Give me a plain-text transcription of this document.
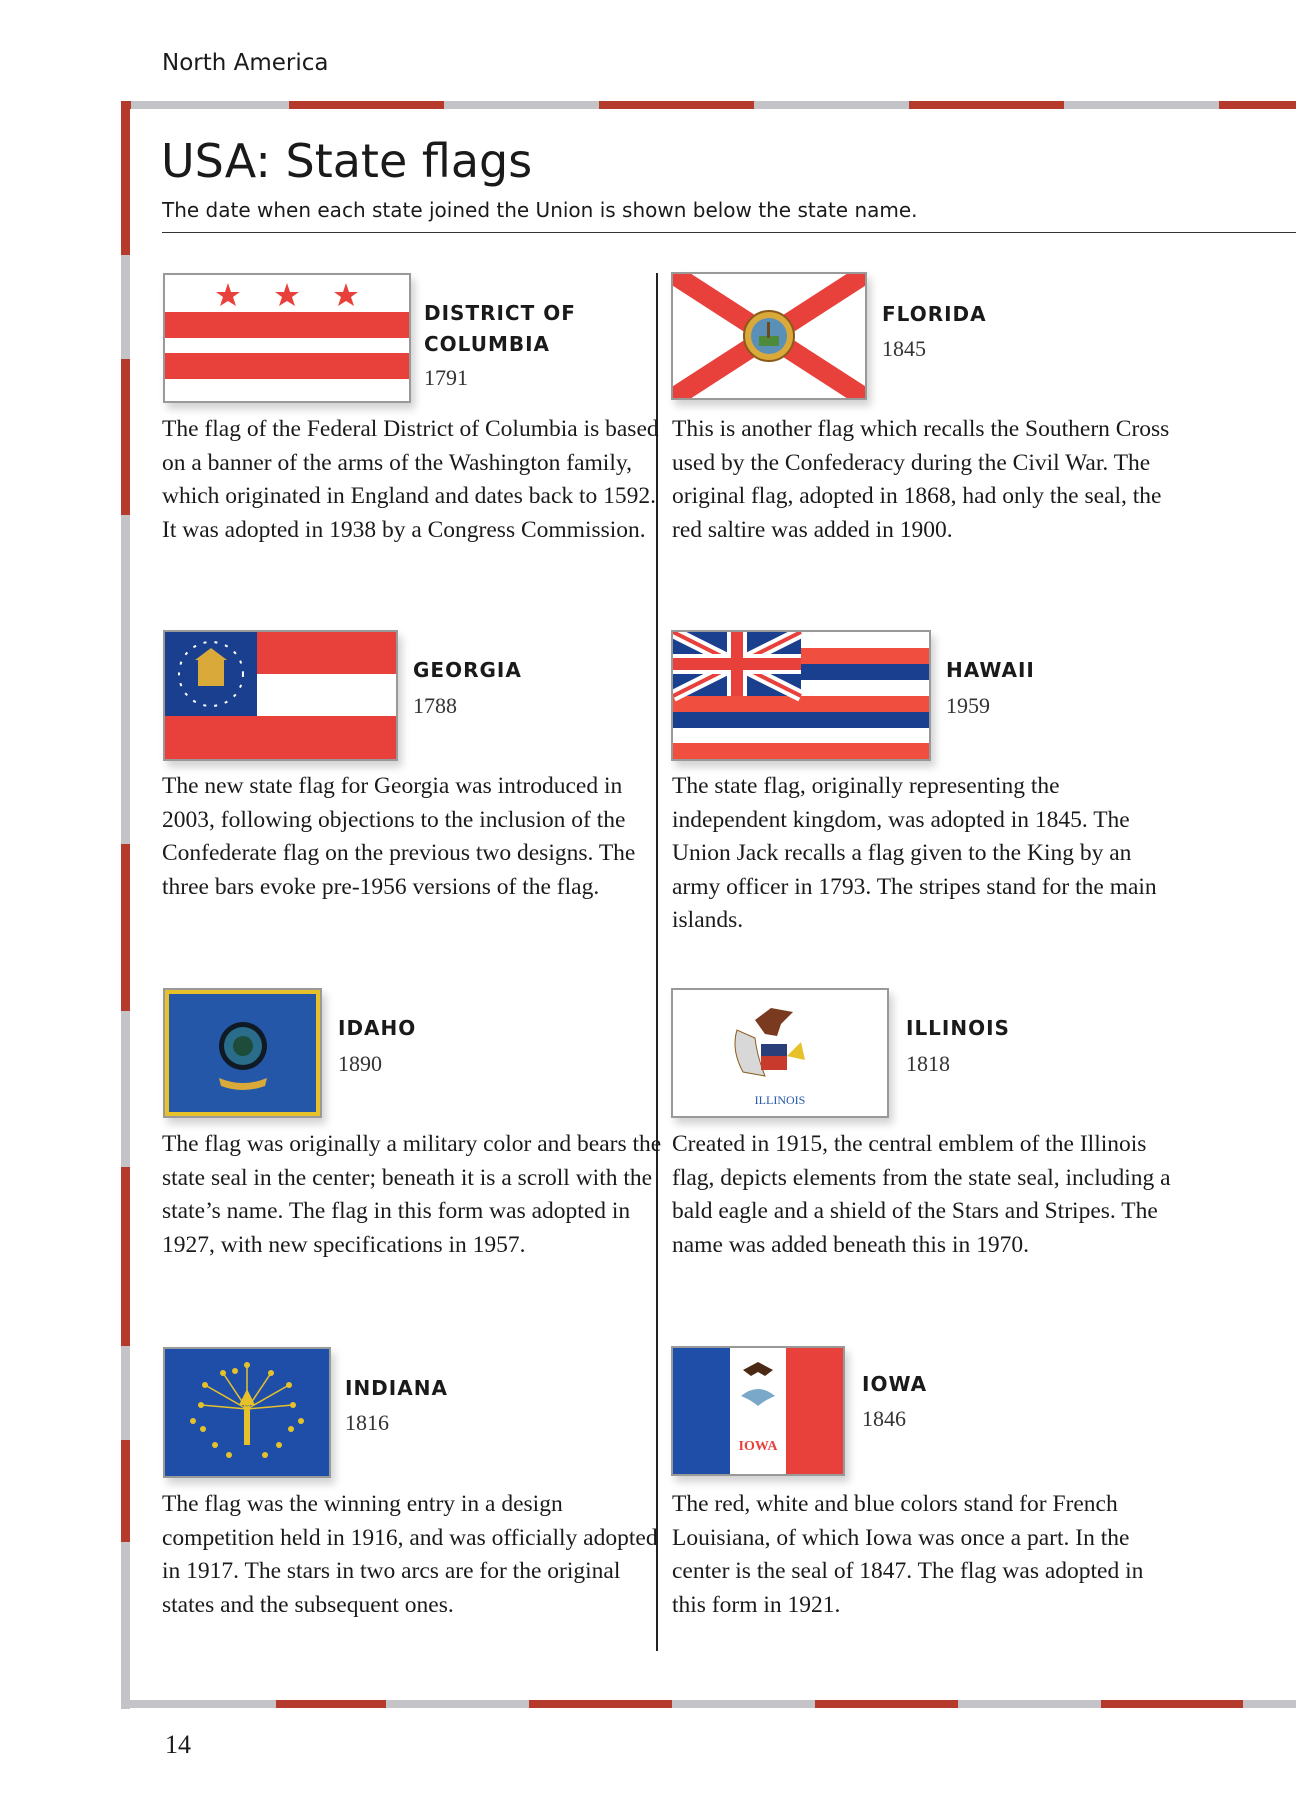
North America
USA: State flags
The date when each state joined the Union is shown below the state name.
DISTRICT OF COLUMBIA
1791
The flag of the Federal District of Columbia is based on a banner of the arms of the Washington family, which originated in England and dates back to 1592. It was adopted in 1938 by a Congress Commission.
FLORIDA
1845
This is another flag which recalls the Southern Cross used by the Confederacy during the Civil War. The original flag, adopted in 1868, had only the seal, the red saltire was added in 1900.
GEORGIA
1788
The new state flag for Georgia was introduced in 2003, following objections to the inclusion of the Confederate flag on the previous two designs. The three bars evoke pre-1956 versions of the flag.
HAWAII
1959
The state flag, originally representing the independent kingdom, was adopted in 1845. The Union Jack recalls a flag given to the King by an army officer in 1793. The stripes stand for the main islands.
IDAHO
1890
The flag was originally a military color and bears the state seal in the center; beneath it is a scroll with the state’s name. The flag in this form was adopted in 1927, with new specifications in 1957.
ILLINOIS
ILLINOIS
1818
Created in 1915, the central emblem of the Illinois flag, depicts elements from the state seal, including a bald eagle and a shield of the Stars and Stripes. The name was added beneath this in 1970.
INDIANA
1816
The flag was the winning entry in a design competition held in 1916, and was officially adopted in 1917. The stars in two arcs are for the original states and the subsequent ones.
IOWA
IOWA
1846
The red, white and blue colors stand for French Louisiana, of which Iowa was once a part. In the center is the seal of 1847. The flag was adopted in this form in 1921.
14
